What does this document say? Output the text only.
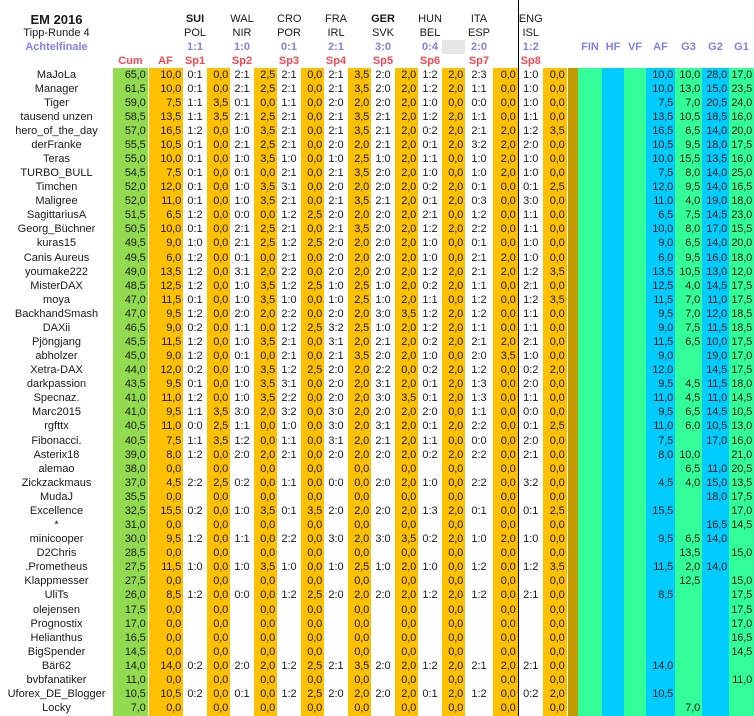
EM 2016			SUI		WAL		CRO		FRA		GER		HUN		ITA		ENG									
Tipp-Runde 4			POL		NIR		POR		IRL		SVK		BEL		ESP		ISL									
Achtelfinale			1:1		1:0		0:1		2:1		3:0		0:4		2:0		1:2			FIN	HF	VF	AF	G3	G2	G1
	Cum	AF	Sp1		Sp2		Sp3		Sp4		Sp5		Sp6		Sp7		Sp8									
MaJoLa	65,0	10,0	0:1	0,0	2:1	2,5	2:1	0,0	2:1	3,5	2:0	2,0	1:2	2,0	2:3	0,0	1:0	0,0					10,0	10,0	28,0	17,0
Manager	61,5	10,0	0:1	0,0	2:1	2,5	2:1	0,0	2:1	3,5	2:0	2,0	1:2	2,0	1:1	0,0	1:0	0,0					10,0	13,0	15,0	23,5
Tiger	59,0	7,5	1:1	3,5	0:1	0,0	1:1	0,0	2:0	2,0	2:0	2,0	1:0	0,0	0:0	0,0	1:0	0,0					7,5	7,0	20,5	24,0
tausend unzen	58,5	13,5	1:1	3,5	2:1	2,5	2:1	0,0	2:1	3,5	2:1	2,0	1:2	2,0	1:1	0,0	1:1	0,0					13,5	10,5	18,5	16,0
hero_of_the_day	57,0	16,5	1:2	0,0	1:0	3,5	2:1	0,0	2:1	3,5	2:1	2,0	0:2	2,0	2:1	2,0	1:2	3,5					16,5	6,5	14,0	20,0
derFranke	55,5	10,5	0:1	0,0	2:1	2,5	2:1	0,0	2:0	2,0	2:1	2,0	0:1	2,0	3:2	2,0	2:0	0,0					10,5	9,5	18,0	17,5
Teras	55,0	10,0	0:1	0,0	1:0	3,5	1:0	0,0	1:0	2,5	1:0	2,0	1:1	0,0	1:0	2,0	1:0	0,0					10,0	15,5	13,5	16,0
TURBO_BULL	54,5	7,5	0:1	0,0	0:1	0,0	2:1	0,0	2:1	3,5	2:0	2,0	1:0	0,0	1:0	2,0	1:0	0,0					7,5	8,0	14,0	25,0
Timchen	52,0	12,0	0:1	0,0	1:0	3,5	3:1	0,0	2:0	2,0	2:0	2,0	0:2	2,0	0:1	0,0	0:1	2,5					12,0	9,5	14,0	16,5
Maligree	52,0	11,0	0:1	0,0	1:0	3,5	2:1	0,0	2:1	3,5	2:1	2,0	0:1	2,0	0:3	0,0	3:0	0,0					11,0	4,0	19,0	18,0
SagittariusA	51,5	6,5	1:2	0,0	0:0	0,0	1:2	2,5	2:0	2,0	2:0	2,0	2:1	0,0	1:2	0,0	1:1	0,0					6,5	7,5	14,5	23,0
Georg_Büchner	50,5	10,0	0:1	0,0	2:1	2,5	2:1	0,0	2:1	3,5	2:0	2,0	1:2	2,0	2:2	0,0	1:1	0,0					10,0	8,0	17,0	15,5
kuras15	49,5	9,0	1:0	0,0	2:1	2,5	1:2	2,5	2:0	2,0	2:0	2,0	1:0	0,0	0:1	0,0	1:0	0,0					9,0	6,5	14,0	20,0
Canis Aureus	49,5	6,0	1:2	0,0	0:1	0,0	2:1	0,0	2:0	2,0	2:0	2,0	1:0	0,0	2:1	2,0	1:0	0,0					6,0	9,5	16,0	18,0
youmake222	49,0	13,5	1:2	0,0	3:1	2,0	2:2	0,0	2:0	2,0	2:0	2,0	1:2	2,0	2:1	2,0	1:2	3,5					13,5	10,5	13,0	12,0
MisterDAX	48,5	12,5	1:2	0,0	1:0	3,5	1:2	2,5	1:0	2,5	1:0	2,0	0:2	2,0	1:1	0,0	2:1	0,0					12,5	4,0	14,5	17,5
moya	47,0	11,5	0:1	0,0	1:0	3,5	1:0	0,0	1:0	2,5	1:0	2,0	1:1	0,0	1:2	0,0	1:2	3,5					11,5	7,0	11,0	17,5
BackhandSmash	47,0	9,5	1:2	0,0	2:0	2,0	2:2	0,0	2:0	2,0	3:0	3,5	1:2	2,0	1:2	0,0	1:1	0,0					9,5	7,0	12,0	18,5
DAXii	46,5	9,0	0:2	0,0	1:1	0,0	1:2	2,5	3:2	2,5	1:0	2,0	1:2	2,0	1:1	0,0	1:1	0,0					9,0	7,5	11,5	18,5
Pjöngjang	45,5	11,5	1:2	0,0	1:0	3,5	2:1	0,0	3:1	2,0	2:1	2,0	0:2	2,0	2:1	2,0	2:1	0,0					11,5	6,5	10,0	17,5
abholzer	45,0	9,0	1:2	0,0	0:1	0,0	2:1	0,0	2:1	3,5	2:0	2,0	1:0	0,0	2:0	3,5	1:0	0,0					9,0		19,0	17,0
Xetra-DAX	44,0	12,0	0:2	0,0	1:0	3,5	1:2	2,5	2:0	2,0	2:2	0,0	0:2	2,0	1:2	0,0	0:2	2,0					12,0		14,5	17,5
darkpassion	43,5	9,5	0:1	0,0	1:0	3,5	3:1	0,0	2:0	2,0	3:1	2,0	0:1	2,0	1:3	0,0	2:0	0,0					9,5	4,5	11,5	18,0
Specnaz.	41,0	11,0	1:2	0,0	1:0	3,5	2:2	0,0	2:0	2,0	3:0	3,5	0:1	2,0	1:3	0,0	1:1	0,0					11,0	4,5	11,0	14,5
Marc2015	41,0	9,5	1:1	3,5	3:0	2,0	3:2	0,0	3:0	2,0	2:0	2,0	2:0	0,0	1:1	0,0	0:0	0,0					9,5	6,5	14,5	10,5
rgfttx	40,5	11,0	0:0	2,5	1:1	0,0	1:0	0,0	3:0	2,0	3:1	2,0	0:1	2,0	2:2	0,0	0:1	2,5					11,0	6,0	10,5	13,0
Fibonacci.	40,5	7,5	1:1	3,5	1:2	0,0	1:1	0,0	3:1	2,0	2:1	2,0	1:1	0,0	0:0	0,0	2:0	0,0					7,5		17,0	16,0
Asterix18	39,0	8,0	1:2	0,0	2:0	2,0	2:1	0,0	2:0	2,0	2:0	2,0	0:2	2,0	2:2	0,0	2:1	0,0					8,0	10,0		21,0
alemao	38,0	0,0		0,0		0,0		0,0		0,0		0,0		0,0		0,0		0,0						6,5	11,0	20,5
Zickzackmaus	37,0	4,5	2:2	2,5	0:2	0,0	1:1	0,0	0:0	0,0	2:0	2,0	1:0	0,0	2:2	0,0	3:2	0,0					4,5	4,0	15,0	13,5
MudaJ	35,5	0,0		0,0		0,0		0,0		0,0		0,0		0,0		0,0		0,0							18,0	17,5
Excellence	32,5	15,5	0:2	0,0	1:0	3,5	0:1	3,5	2:0	2,0	2:0	2,0	1:3	2,0	0:1	0,0	0:1	2,5					15,5			17,0
*	31,0	0,0		0,0		0,0		0,0		0,0		0,0		0,0		0,0		0,0							16,5	14,5
minicooper	30,0	9,5	1:2	0,0	1:1	0,0	2:2	0,0	3:0	2,0	3:0	3,5	0:2	2,0	1:0	2,0	1:0	0,0					9,5	6,5	14,0	
D2Chris	28,5	0,0		0,0		0,0		0,0		0,0		0,0		0,0		0,0		0,0						13,5		15,0
.Prometheus	27,5	11,5	1:0	0,0	1:0	3,5	1:0	0,0	1:0	2,5	1:0	2,0	1:0	0,0	1:2	0,0	1:2	3,5					11,5	2,0	14,0	
Klappmesser	27,5	0,0		0,0		0,0		0,0		0,0		0,0		0,0		0,0		0,0						12,5		15,0
UliTs	26,0	8,5	1:2	0,0	0:0	0,0	1:2	2,5	2:0	2,0	2:0	2,0	1:2	2,0	1:2	0,0	2:1	0,0					8,5			17,5
olejensen	17,5	0,0		0,0		0,0		0,0		0,0		0,0		0,0		0,0		0,0								17,5
Prognostix	17,0	0,0		0,0		0,0		0,0		0,0		0,0		0,0		0,0		0,0								17,0
Helianthus	16,5	0,0		0,0		0,0		0,0		0,0		0,0		0,0		0,0		0,0								16,5
BigSpender	14,5	0,0		0,0		0,0		0,0		0,0		0,0		0,0		0,0		0,0								14,5
Bär62	14,0	14,0	0:2	0,0	2:0	2,0	1:2	2,5	2:1	3,5	2:0	2,0	1:2	2,0	2:1	2,0	2:1	0,0					14,0			
bvbfanatiker	11,0	0,0		0,0		0,0		0,0		0,0		0,0		0,0		0,0		0,0								11,0
Uforex_DE_Blogger	10,5	10,5	0:2	0,0	0:1	0,0	1:2	2,5	2:0	2,0	2:0	2,0	0:1	2,0	1:2	0,0	0:2	2,0					10,5			
Locky	7,0	0,0		0,0		0,0		0,0		0,0		0,0		0,0		0,0		0,0						7,0		
